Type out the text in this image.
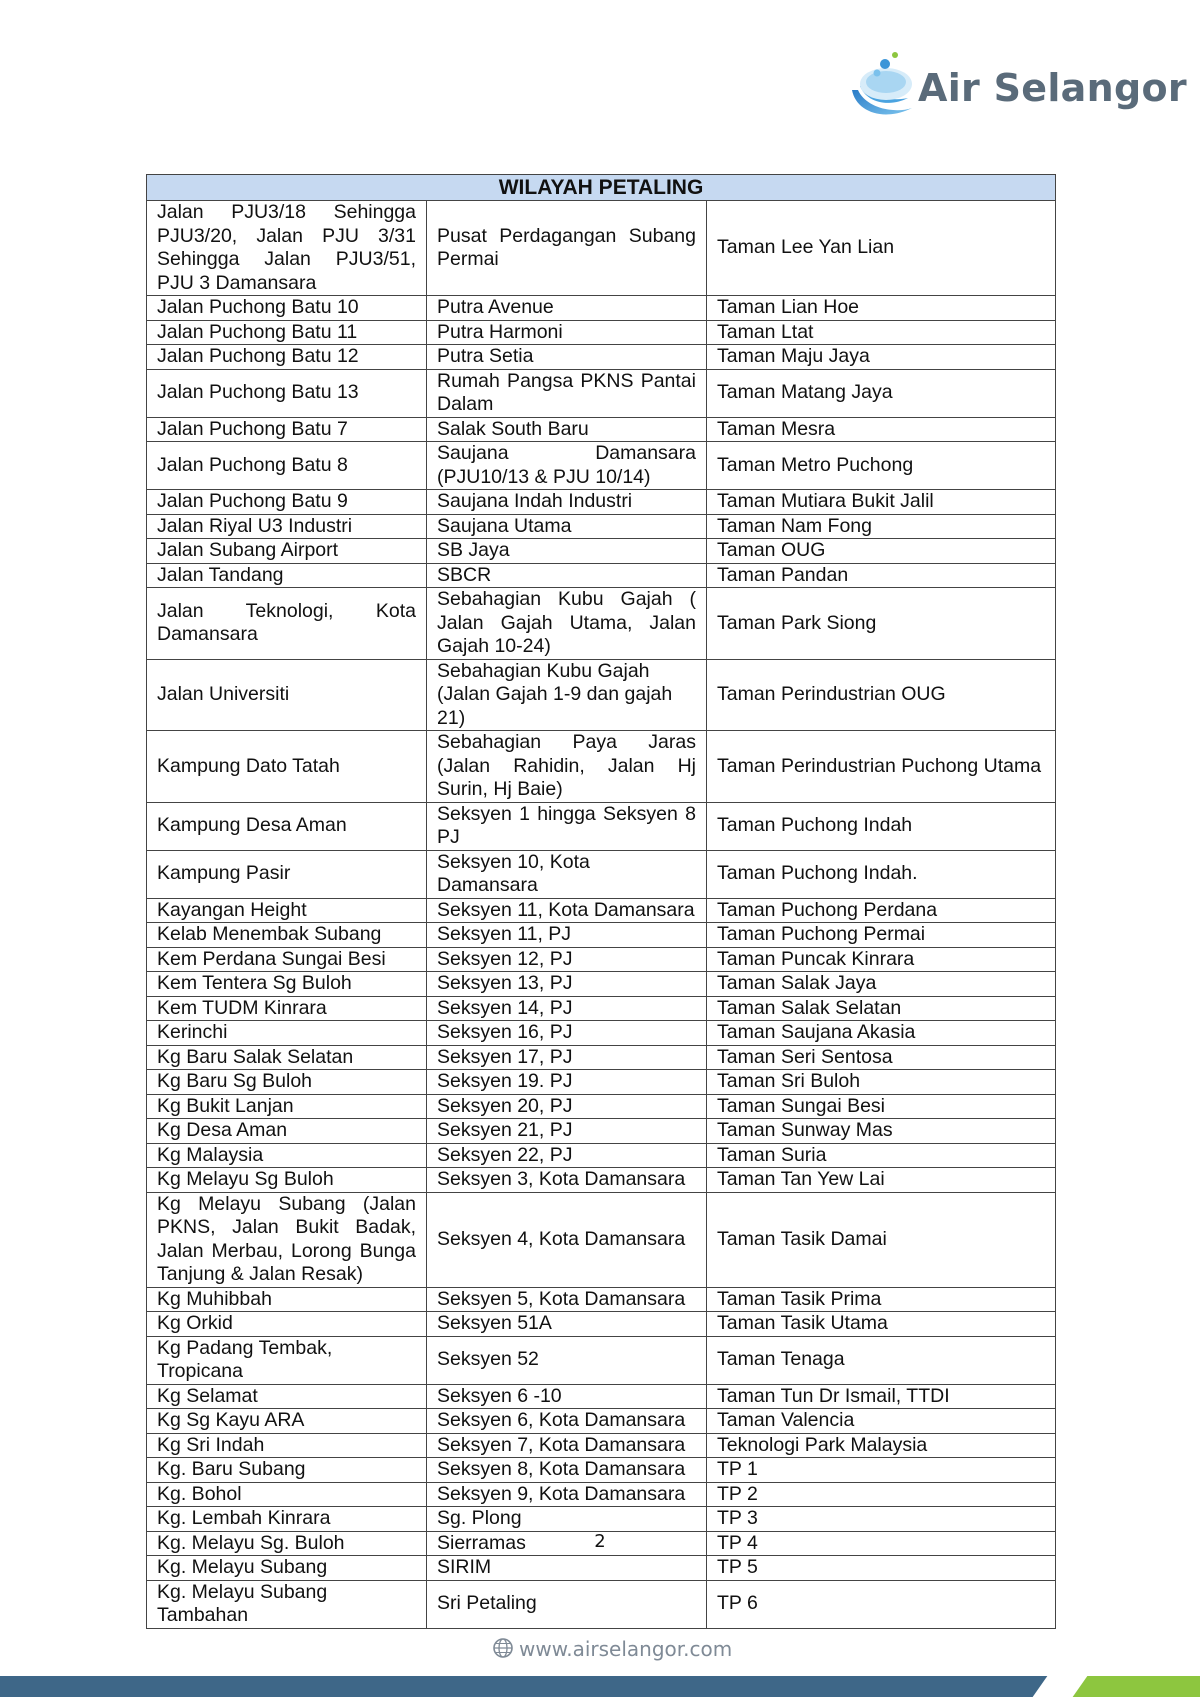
Air Selangor
WILAYAH PETALING		
Jalan PJU3/18 Sehingga PJU3/20, Jalan PJU 3/31 Sehingga Jalan PJU3/51, PJU 3 Damansara	Pusat Perdagangan Subang Permai	Taman Lee Yan Lian
Jalan Puchong Batu 10	Putra Avenue	Taman Lian Hoe
Jalan Puchong Batu 11	Putra Harmoni	Taman Ltat
Jalan Puchong Batu 12	Putra Setia	Taman Maju Jaya
Jalan Puchong Batu 13	Rumah Pangsa PKNS Pantai Dalam	Taman Matang Jaya
Jalan Puchong Batu 7	Salak South Baru	Taman Mesra
Jalan Puchong Batu 8	Saujana Damansara (PJU10/13 & PJU 10/14)	Taman Metro Puchong
Jalan Puchong Batu 9	Saujana Indah Industri	Taman Mutiara Bukit Jalil
Jalan Riyal U3 Industri	Saujana Utama	Taman Nam Fong
Jalan Subang Airport	SB Jaya	Taman OUG
Jalan Tandang	SBCR	Taman Pandan
Jalan Teknologi, Kota Damansara	Sebahagian Kubu Gajah ( Jalan Gajah Utama, Jalan Gajah 10-24)	Taman Park Siong
Jalan Universiti	Sebahagian Kubu Gajah (Jalan Gajah 1-9 dan gajah 21)	Taman Perindustrian OUG
Kampung Dato Tatah	Sebahagian Paya Jaras (Jalan Rahidin, Jalan Hj Surin, Hj Baie)	Taman Perindustrian Puchong Utama
Kampung Desa Aman	Seksyen 1 hingga Seksyen 8 PJ	Taman Puchong Indah
Kampung Pasir	Seksyen 10, Kota Damansara	Taman Puchong Indah.
Kayangan Height	Seksyen 11, Kota Damansara	Taman Puchong Perdana
Kelab Menembak Subang	Seksyen 11, PJ	Taman Puchong Permai
Kem Perdana Sungai Besi	Seksyen 12, PJ	Taman Puncak Kinrara
Kem Tentera Sg Buloh	Seksyen 13, PJ	Taman Salak Jaya
Kem TUDM Kinrara	Seksyen 14, PJ	Taman Salak Selatan
Kerinchi	Seksyen 16, PJ	Taman Saujana Akasia
Kg Baru Salak Selatan	Seksyen 17, PJ	Taman Seri Sentosa
Kg Baru Sg Buloh	Seksyen 19. PJ	Taman Sri Buloh
Kg Bukit Lanjan	Seksyen 20, PJ	Taman Sungai Besi
Kg Desa Aman	Seksyen 21, PJ	Taman Sunway Mas
Kg Malaysia	Seksyen 22, PJ	Taman Suria
Kg Melayu Sg Buloh	Seksyen 3, Kota Damansara	Taman Tan Yew Lai
Kg Melayu Subang (Jalan PKNS, Jalan Bukit Badak, Jalan Merbau, Lorong Bunga Tanjung & Jalan Resak)	Seksyen 4, Kota Damansara	Taman Tasik Damai
Kg Muhibbah	Seksyen 5, Kota Damansara	Taman Tasik Prima
Kg Orkid	Seksyen 51A	Taman Tasik Utama
Kg Padang Tembak, Tropicana	Seksyen 52	Taman Tenaga
Kg Selamat	Seksyen 6 -10	Taman Tun Dr Ismail, TTDI
Kg Sg Kayu ARA	Seksyen 6, Kota Damansara	Taman Valencia
Kg Sri Indah	Seksyen 7, Kota Damansara	Teknologi Park Malaysia
Kg. Baru Subang	Seksyen 8, Kota Damansara	TP 1
Kg. Bohol	Seksyen 9, Kota Damansara	TP 2
Kg. Lembah Kinrara	Sg. Plong	TP 3
Kg. Melayu Sg. Buloh	Sierramas	TP 4
Kg. Melayu Subang	SIRIM	TP 5
Kg. Melayu Subang Tambahan	Sri Petaling	TP 6
2
www.airselangor.com
